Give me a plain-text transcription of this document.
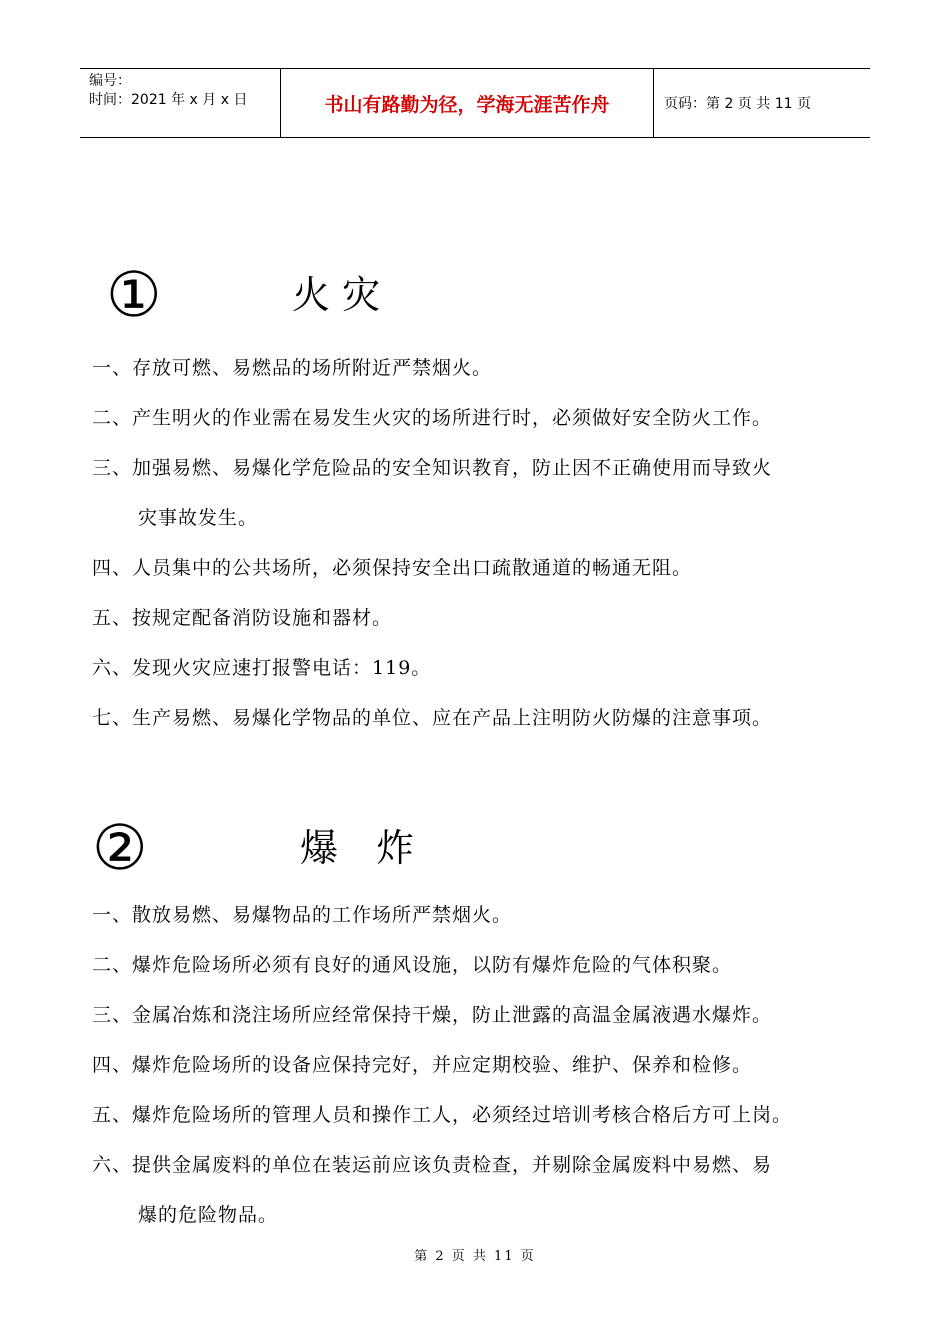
编号：
时间：2021 年 x 月 x 日	书山有路勤为径，学海无涯苦作舟	页码：第 2 页 共 11 页
①	火 灾
一、存放可燃、易燃品的场所附近严禁烟火。
二、产生明火的作业需在易发生火灾的场所进行时，必须做好安全防火工作。
三、加强易燃、易爆化学危险品的安全知识教育，防止因不正确使用而导致火
灾事故发生。
四、人员集中的公共场所，必须保持安全出口疏散通道的畅通无阻。
五、按规定配备消防设施和器材。
六、发现火灾应速打报警电话：119。
七、生产易燃、易爆化学物品的单位、应在产品上注明防火防爆的注意事项。
②	爆　炸
一、散放易燃、易爆物品的工作场所严禁烟火。
二、爆炸危险场所必须有良好的通风设施，以防有爆炸危险的气体积聚。
三、金属冶炼和浇注场所应经常保持干燥，防止泄露的高温金属液遇水爆炸。
四、爆炸危险场所的设备应保持完好，并应定期校验、维护、保养和检修。
五、爆炸危险场所的管理人员和操作工人，必须经过培训考核合格后方可上岗。
六、提供金属废料的单位在装运前应该负责检查，并剔除金属废料中易燃、易
爆的危险物品。
第 2 页 共 11 页
